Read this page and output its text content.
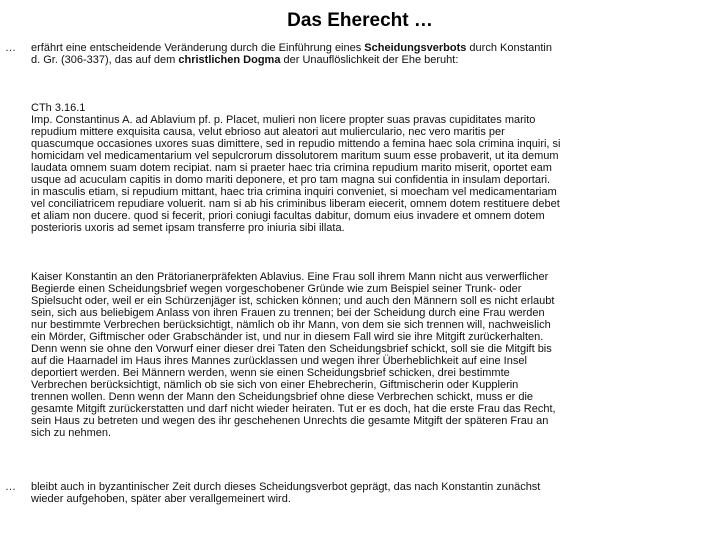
Das Eherecht …
… erfährt eine entscheidende Veränderung durch die Einführung eines Scheidungsverbots durch Konstantin
d. Gr. (306-337), das auf dem christlichen Dogma der Unauflöslichkeit der Ehe beruht:
CTh 3.16.1
Imp. Constantinus A. ad Ablavium pf. p. Placet, mulieri non licere propter suas pravas cupiditates marito
repudium mittere exquisita causa, velut ebrioso aut aleatori aut mulierculario, nec vero maritis per
quascumque occasiones uxores suas dimittere, sed in repudio mittendo a femina haec sola crimina inquiri, si
homicidam vel medicamentarium vel sepulcrorum dissolutorem maritum suum esse probaverit, ut ita demum
laudata omnem suam dotem recipiat. nam si praeter haec tria crimina repudium marito miserit, oportet eam
usque ad acuculam capitis in domo mariti deponere, et pro tam magna sui confidentia in insulam deportari.
in masculis etiam, si repudium mittant, haec tria crimina inquiri conveniet, si moecham vel medicamentariam
vel conciliatricem repudiare voluerit. nam si ab his criminibus liberam eiecerit, omnem dotem restituere debet
et aliam non ducere. quod si fecerit, priori coniugi facultas dabitur, domum eius invadere et omnem dotem
posterioris uxoris ad semet ipsam transferre pro iniuria sibi illata.
Kaiser Konstantin an den Prätorianerpräfekten Ablavius. Eine Frau soll ihrem Mann nicht aus verwerflicher
Begierde einen Scheidungsbrief wegen vorgeschobener Gründe wie zum Beispiel seiner Trunk- oder
Spielsucht oder, weil er ein Schürzenjäger ist, schicken können; und auch den Männern soll es nicht erlaubt
sein, sich aus beliebigem Anlass von ihren Frauen zu trennen; bei der Scheidung durch eine Frau werden
nur bestimmte Verbrechen berücksichtigt, nämlich ob ihr Mann, von dem sie sich trennen will, nachweislich
ein Mörder, Giftmischer oder Grabschänder ist, und nur in diesem Fall wird sie ihre Mitgift zurückerhalten.
Denn wenn sie ohne den Vorwurf einer dieser drei Taten den Scheidungsbrief schickt, soll sie die Mitgift bis
auf die Haarnadel im Haus ihres Mannes zurücklassen und wegen ihrer Überheblichkeit auf eine Insel
deportiert werden. Bei Männern werden, wenn sie einen Scheidungsbrief schicken, drei bestimmte
Verbrechen berücksichtigt, nämlich ob sie sich von einer Ehebrecherin, Giftmischerin oder Kupplerin
trennen wollen. Denn wenn der Mann den Scheidungsbrief ohne diese Verbrechen schickt, muss er die
gesamte Mitgift zurückerstatten und darf nicht wieder heiraten. Tut er es doch, hat die erste Frau das Recht,
sein Haus zu betreten und wegen des ihr geschehenen Unrechts die gesamte Mitgift der späteren Frau an
sich zu nehmen.
… bleibt auch in byzantinischer Zeit durch dieses Scheidungsverbot geprägt, das nach Konstantin zunächst
wieder aufgehoben, später aber verallgemeinert wird.
